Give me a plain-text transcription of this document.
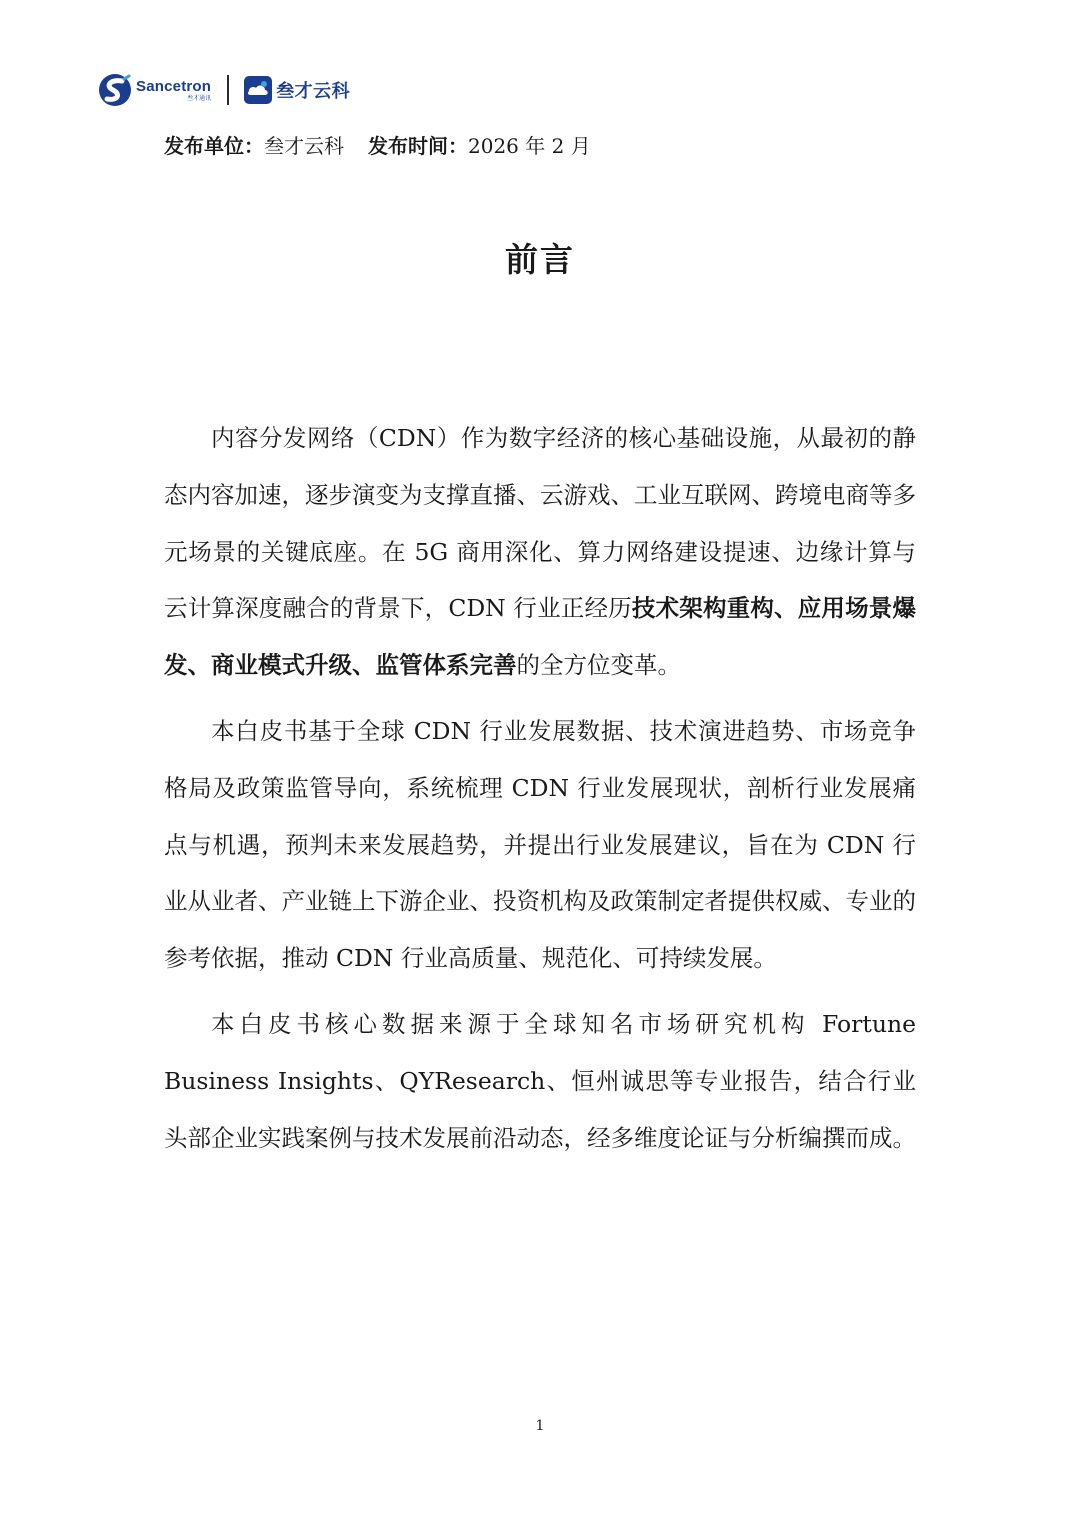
Sancetron
叁才通讯	叁才云科
发布单位：叁才云科 发布时间：2026 年 2 月
前言

内容分发网络（CDN）作为数字经济的核心基础设施，从最初的静态内容加速，逐步演变为支撑直播、云游戏、工业互联网、跨境电商等多元场景的关键底座。在 5G 商用深化、算力网络建设提速、边缘计算与云计算深度融合的背景下，CDN 行业正经历技术架构重构、应用场景爆发、商业模式升级、监管体系完善的全方位变革。

本白皮书基于全球 CDN 行业发展数据、技术演进趋势、市场竞争格局及政策监管导向，系统梳理 CDN 行业发展现状，剖析行业发展痛点与机遇，预判未来发展趋势，并提出行业发展建议，旨在为 CDN 行业从业者、产业链上下游企业、投资机构及政策制定者提供权威、专业的参考依据，推动 CDN 行业高质量、规范化、可持续发展。

本白皮书核心数据来源于全球知名市场研究机构 Fortune Business Insights、QYResearch、恒州诚思等专业报告，结合行业头部企业实践案例与技术发展前沿动态，经多维度论证与分析编撰而成。

1
